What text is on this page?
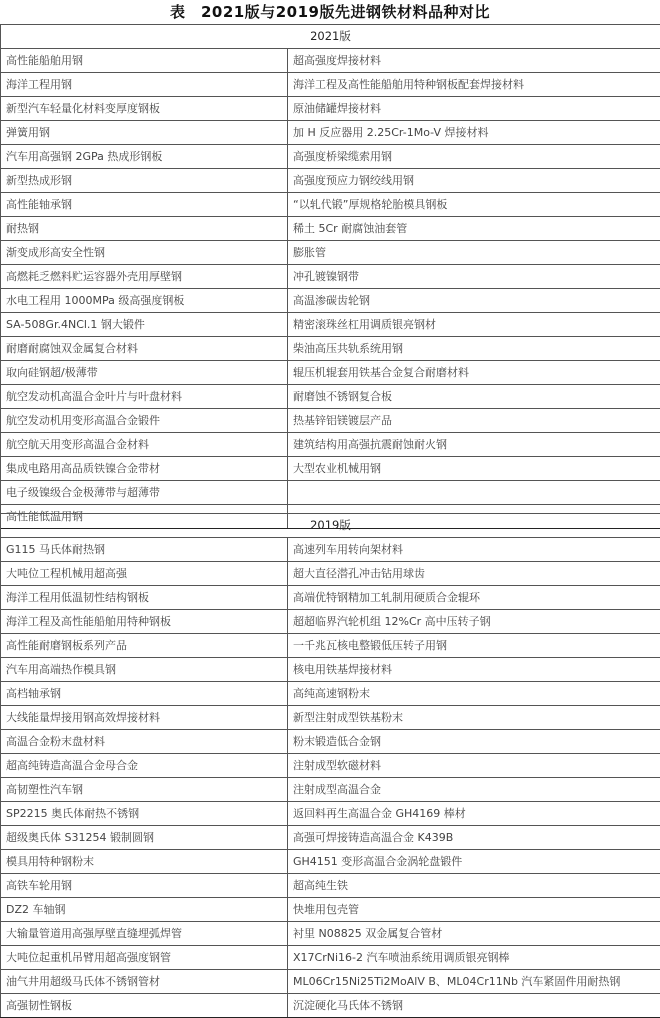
表　2021版与2019版先进钢铁材料品种对比
2021版	
高性能船舶用钢	超高强度焊接材料
海洋工程用钢	海洋工程及高性能船舶用特种钢板配套焊接材料
新型汽车轻量化材料变厚度钢板	原油储罐焊接材料
弹簧用钢	加 H 反应器用 2.25Cr-1Mo-V 焊接材料
汽车用高强钢 2GPa 热成形钢板	高强度桥梁缆索用钢
新型热成形钢	高强度预应力钢绞线用钢
高性能轴承钢	“以轧代锻”厚规格轮胎模具钢板
耐热钢	稀土 5Cr 耐腐蚀油套管
渐变成形高安全性钢	膨胀管
高燃耗乏燃料贮运容器外壳用厚壁钢	冲孔镀镍钢带
水电工程用 1000MPa 级高强度钢板	高温渗碳齿轮钢
SA-508Gr.4NCl.1 钢大锻件	精密滚珠丝杠用调质银亮钢材
耐磨耐腐蚀双金属复合材料	柴油高压共轨系统用钢
取向硅钢超/极薄带	辊压机辊套用铁基合金复合耐磨材料
航空发动机高温合金叶片与叶盘材料	耐磨蚀不锈钢复合板
航空发动机用变形高温合金锻件	热基锌铝镁镀层产品
航空航天用变形高温合金材料	建筑结构用高强抗震耐蚀耐火钢
集成电路用高品质铁镍合金带材	大型农业机械用钢
电子级镍级合金极薄带与超薄带	
高性能低温用钢	
2019版	
G115 马氏体耐热钢	高速列车用转向架材料
大吨位工程机械用超高强	超大直径潜孔冲击钻用球齿
海洋工程用低温韧性结构钢板	高端优特钢精加工轧制用硬质合金辊环
海洋工程及高性能船舶用特种钢板	超超临界汽轮机组 12%Cr 高中压转子钢
高性能耐磨钢板系列产品	一千兆瓦核电整锻低压转子用钢
汽车用高端热作模具钢	核电用铁基焊接材料
高档轴承钢	高纯高速钢粉末
大线能量焊接用钢高效焊接材料	新型注射成型铁基粉末
高温合金粉末盘材料	粉末锻造低合金钢
超高纯铸造高温合金母合金	注射成型软磁材料
高韧塑性汽车钢	注射成型高温合金
SP2215 奥氏体耐热不锈钢	返回料再生高温合金 GH4169 棒材
超级奥氏体 S31254 锻制圆钢	高强可焊接铸造高温合金 K439B
模具用特种钢粉末	GH4151 变形高温合金涡轮盘锻件
高铁车轮用钢	超高纯生铁
DZ2 车轴钢	快堆用包壳管
大输量管道用高强厚壁直缝埋弧焊管	衬里 N08825 双金属复合管材
大吨位起重机吊臂用超高强度钢管	X17CrNi16-2 汽车喷油系统用调质银亮钢棒
油气井用超级马氏体不锈钢管材	ML06Cr15Ni25Ti2MoAlV B、ML04Cr11Nb 汽车紧固件用耐热钢
高强韧性钢板	沉淀硬化马氏体不锈钢
